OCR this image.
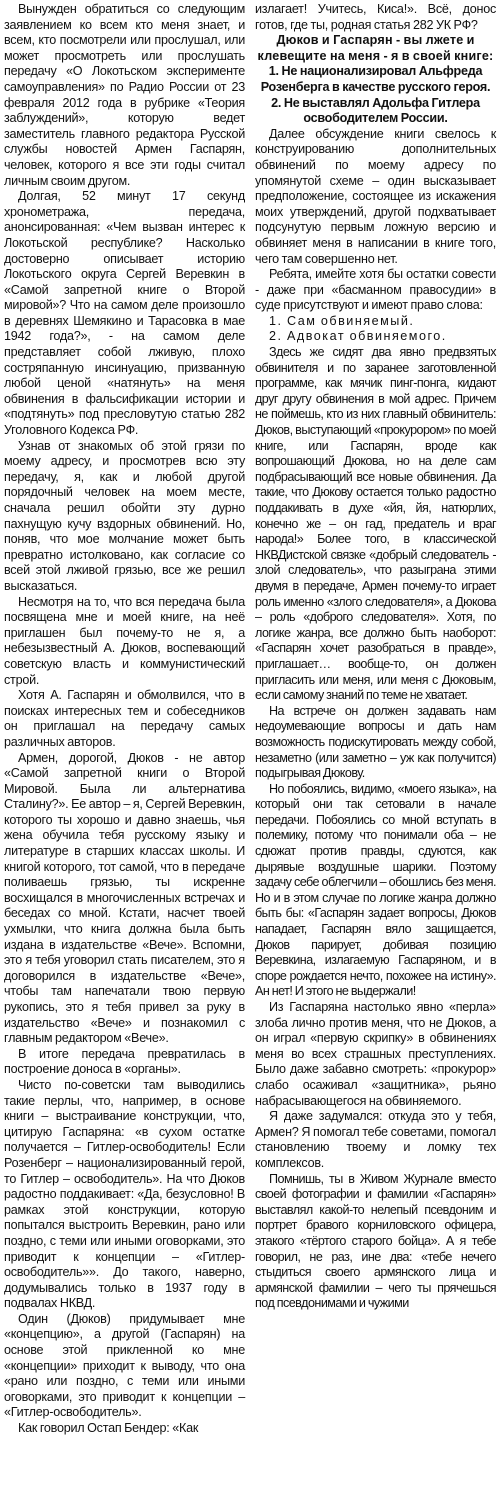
Вынужден обратиться со следующим заявлением ко всем кто меня знает, и всем, кто посмотрели или прослушал, или может просмотреть или прослушать передачу «О Локотьском эксперименте самоуправления» по Радио России от 23 февраля 2012 года в рубрике «Теория заблуждений», которую ведет заместитель главного редактора Русской службы новостей Армен Гаспарян, человек, которого я все эти годы считал личным своим другом.

Долгая, 52 минут 17 секунд хронометража, передача, анонсированная: «Чем вызван интерес к Локотьской республике? Насколько достоверно описывает историю Локотьского округа Сергей Веревкин в «Самой запретной книге о Второй мировой»? Что на самом деле произошло в деревнях Шемякино и Тарасовка в мае 1942 года?», - на самом деле представляет собой лживую, плохо состряпанную инсинуацию, призванную любой ценой «натянуть» на меня обвинения в фальсификации истории и «подтянуть» под пресловутую статью 282 Уголовного Кодекса РФ.

Узнав от знакомых об этой грязи по моему адресу, и просмотрев всю эту передачу, я, как и любой другой порядочный человек на моем месте, сначала решил обойти эту дурно пахнущую кучу вздорных обвинений. Но, поняв, что мое молчание может быть превратно истолковано, как согласие со всей этой лживой грязью, все же решил высказаться.

Несмотря на то, что вся передача была посвящена мне и моей книге, на неё приглашен был почему-то не я, а небезызвестный А. Дюков, воспевающий советскую власть и коммунистический строй.

Хотя А. Гаспарян и обмолвился, что в поисках интересных тем и собеседников он приглашал на передачу самых различных авторов.

Армен, дорогой, Дюков - не автор «Самой запретной книги о Второй Мировой. Была ли альтернатива Сталину?». Ее автор – я, Сергей Веревкин, которого ты хорошо и давно знаешь, чья жена обучила тебя русскому языку и литературе в старших классах школы. И книгой которого, тот самой, что в передаче поливаешь грязью, ты искренне восхищался в многочисленных встречах и беседах со мной. Кстати, насчет твоей ухмылки, что книга должна была быть издана в издательстве «Вече». Вспомни, это я тебя уговорил стать писателем, это я договорился в издательстве «Вече», чтобы там напечатали твою первую рукопись, это я тебя привел за руку в издательство «Вече» и познакомил с главным редактором «Вече».

В итоге передача превратилась в построение доноса в «органы».

Чисто по-советски там выводились такие перлы, что, например, в основе книги – выстраивание конструкции, что, цитирую Гаспаряна: «в сухом остатке получается – Гитлер-освободитель! Если Розенберг – национализированный герой, то Гитлер – освободитель». На что Дюков радостно поддакивает: «Да, безусловно! В рамках этой конструкции, которую попытался выстроить Веревкин, рано или поздно, с теми или иными оговорками, это приводит к концепции – «Гитлер-освободитель»». До такого, наверно, додумывались только в 1937 году в подвалах НКВД.

Один (Дюков) придумывает мне «концепцию», а другой (Гаспарян) на основе этой прикленной ко мне «концепции» приходит к выводу, что она «рано или поздно, с теми или иными оговорками, это приводит к концепции – «Гитлер-освободитель».

Как говорил Остап Бендер: «Как

излагает! Учитесь, Киса!». Всё, донос готов, где ты, родная статья 282 УК РФ?

Дюков и Гаспарян - вы лжете и клевещите на меня - я в своей книге:

1. Не национализировал Альфреда Розенберга в качестве русского героя.

2. Не выставлял Адольфа Гитлера освободителем России.

Далее обсуждение книги свелось к конструированию дополнительных обвинений по моему адресу по упомянутой схеме – один высказывает предположение, состоящее из искажения моих утверждений, другой подхватывает подсунутую первым ложную версию и обвиняет меня в написании в книге того, чего там совершенно нет.

Ребята, имейте хотя бы остатки совести - даже при «басманном правосудии» в суде присутствуют и имеют право слова:

1. Сам обвиняемый.

2. Адвокат обвиняемого.

Здесь же сидят два явно предвзятых обвинителя и по заранее заготовленной программе, как мячик пинг-понга, кидают друг другу обвинения в мой адрес. Причем не поймешь, кто из них главный обвинитель: Дюков, выступающий «прокурором» по моей книге, или Гаспарян, вроде как вопрошающий Дюкова, но на деле сам подбрасывающий все новые обвинения. Да такие, что Дюкову остается только радостно поддакивать в духе «йя, йя, натюрлих, конечно же – он гад, предатель и враг народа!» Более того, в классической НКВДистской связке «добрый следователь - злой следователь», что разыграна этими двумя в передаче, Армен почему-то играет роль именно «злого следователя», а Дюкова – роль «доброго следователя». Хотя, по логике жанра, все должно быть наоборот: «Гаспарян хочет разобраться в правде», приглашает… вообще-то, он должен пригласить или меня, или меня с Дюковым, если самому знаний по теме не хватает.

На встрече он должен задавать нам недоумевающие вопросы и дать нам возможность подискутировать между собой, незаметно (или заметно – уж как получится) подыгрывая Дюкову.

Но побоялись, видимо, «моего языка», на который они так сетовали в начале передачи. Побоялись со мной вступать в полемику, потому что понимали оба – не сдюжат против правды, сдуются, как дырявые воздушные шарики. Поэтому задачу себе облегчили – обошлись без меня. Но и в этом случае по логике жанра должно быть бы: «Гаспарян задает вопросы, Дюков нападает, Гаспарян вяло защищается, Дюков парирует, добивая позицию Веревкина, излагаемую Гаспаряном, и в споре рождается нечто, похожее на истину». Ан нет! И этого не выдержали!

Из Гаспаряна настолько явно «перла» злоба лично против меня, что не Дюков, а он играл «первую скрипку» в обвинениях меня во всех страшных преступлениях. Было даже забавно смотреть: «прокурор» слабо осаживал «защитника», рьяно набрасывающегося на обвиняемого.

Я даже задумался: откуда это у тебя, Армен? Я помогал тебе советами, помогал становлению твоему и ломку тех комплексов.

Помнишь, ты в Живом Журнале вместо своей фотографии и фамилии «Гаспарян» выставлял какой-то нелепый псевдоним и портрет бравого корниловского офицера, этакого «тёртого старого бойца». А я тебе говорил, не раз, ине два: «тебе нечего стыдиться своего армянского лица и армянской фамилии – чего ты прячешься под псевдонимами и чужими
